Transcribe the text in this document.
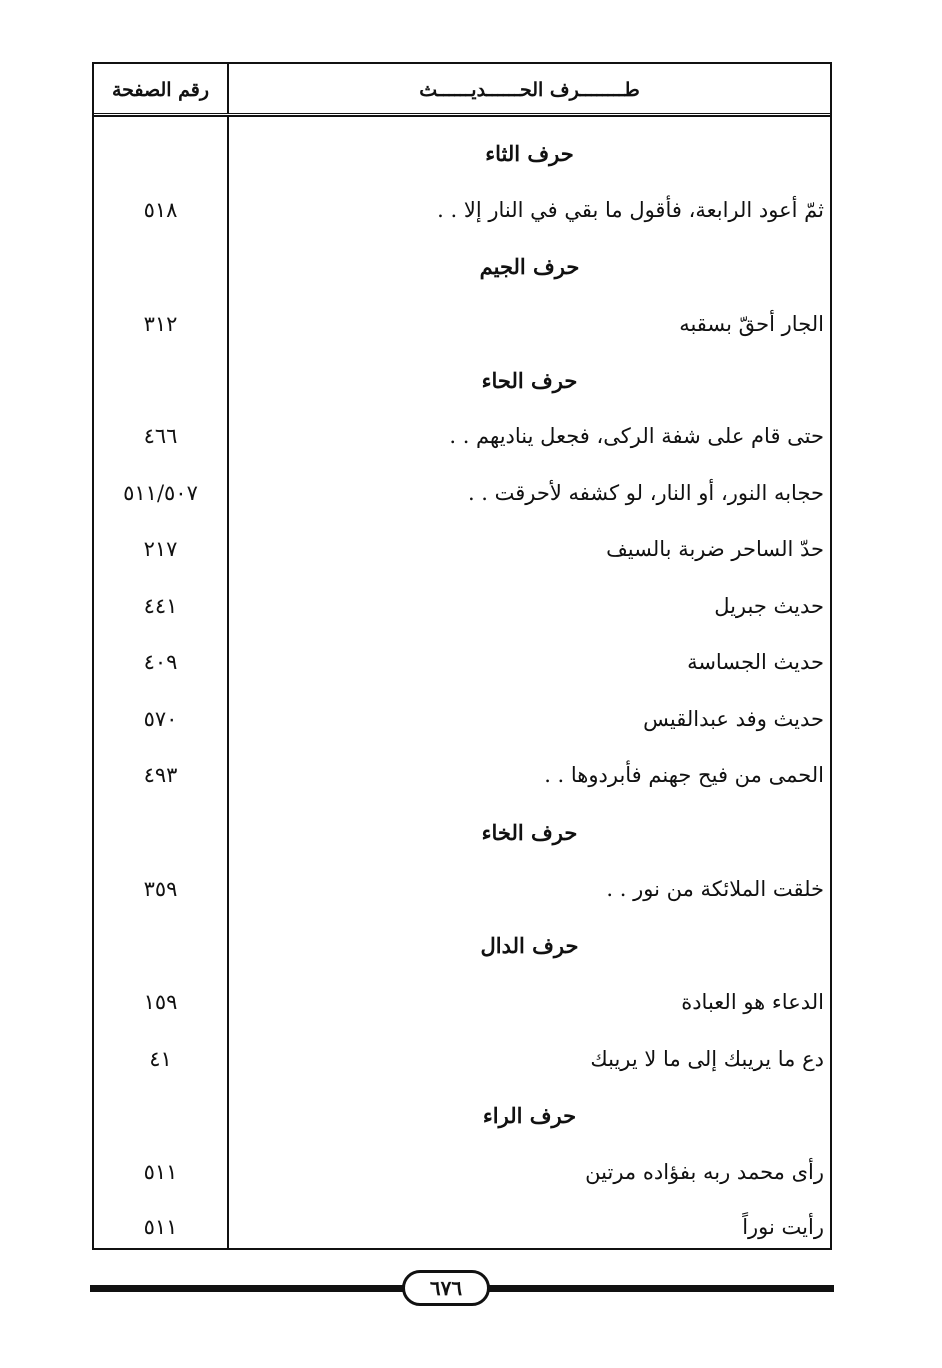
رقم الصفحة	طــــــــرف الحــــــديــــــث
حرف الثاء
ثمّ أعود الرابعة، فأقول ما بقي في النار إلا . .
٥١٨
حرف الجيم
الجار أحقّ بسقبه
٣١٢
حرف الحاء
حتى قام على شفة الركى، فجعل يناديهم . .
٤٦٦
حجابه النور، أو النار، لو كشفه لأحرقت . .
٥١١/٥٠٧
حدّ الساحر ضربة بالسيف
٢١٧
حديث جبريل
٤٤١
حديث الجساسة
٤٠٩
حديث وفد عبدالقيس
٥٧٠
الحمى من فيح جهنم فأبردوها . .
٤٩٣
حرف الخاء
خلقت الملائكة من نور . .
٣٥٩
حرف الدال
الدعاء هو العبادة
١٥٩
دع ما يريبك إلى ما لا يريبك
٤١
حرف الراء
رأى محمد ربه بفؤاده مرتين
٥١١
رأيت نوراً
٥١١
٦٧٦
